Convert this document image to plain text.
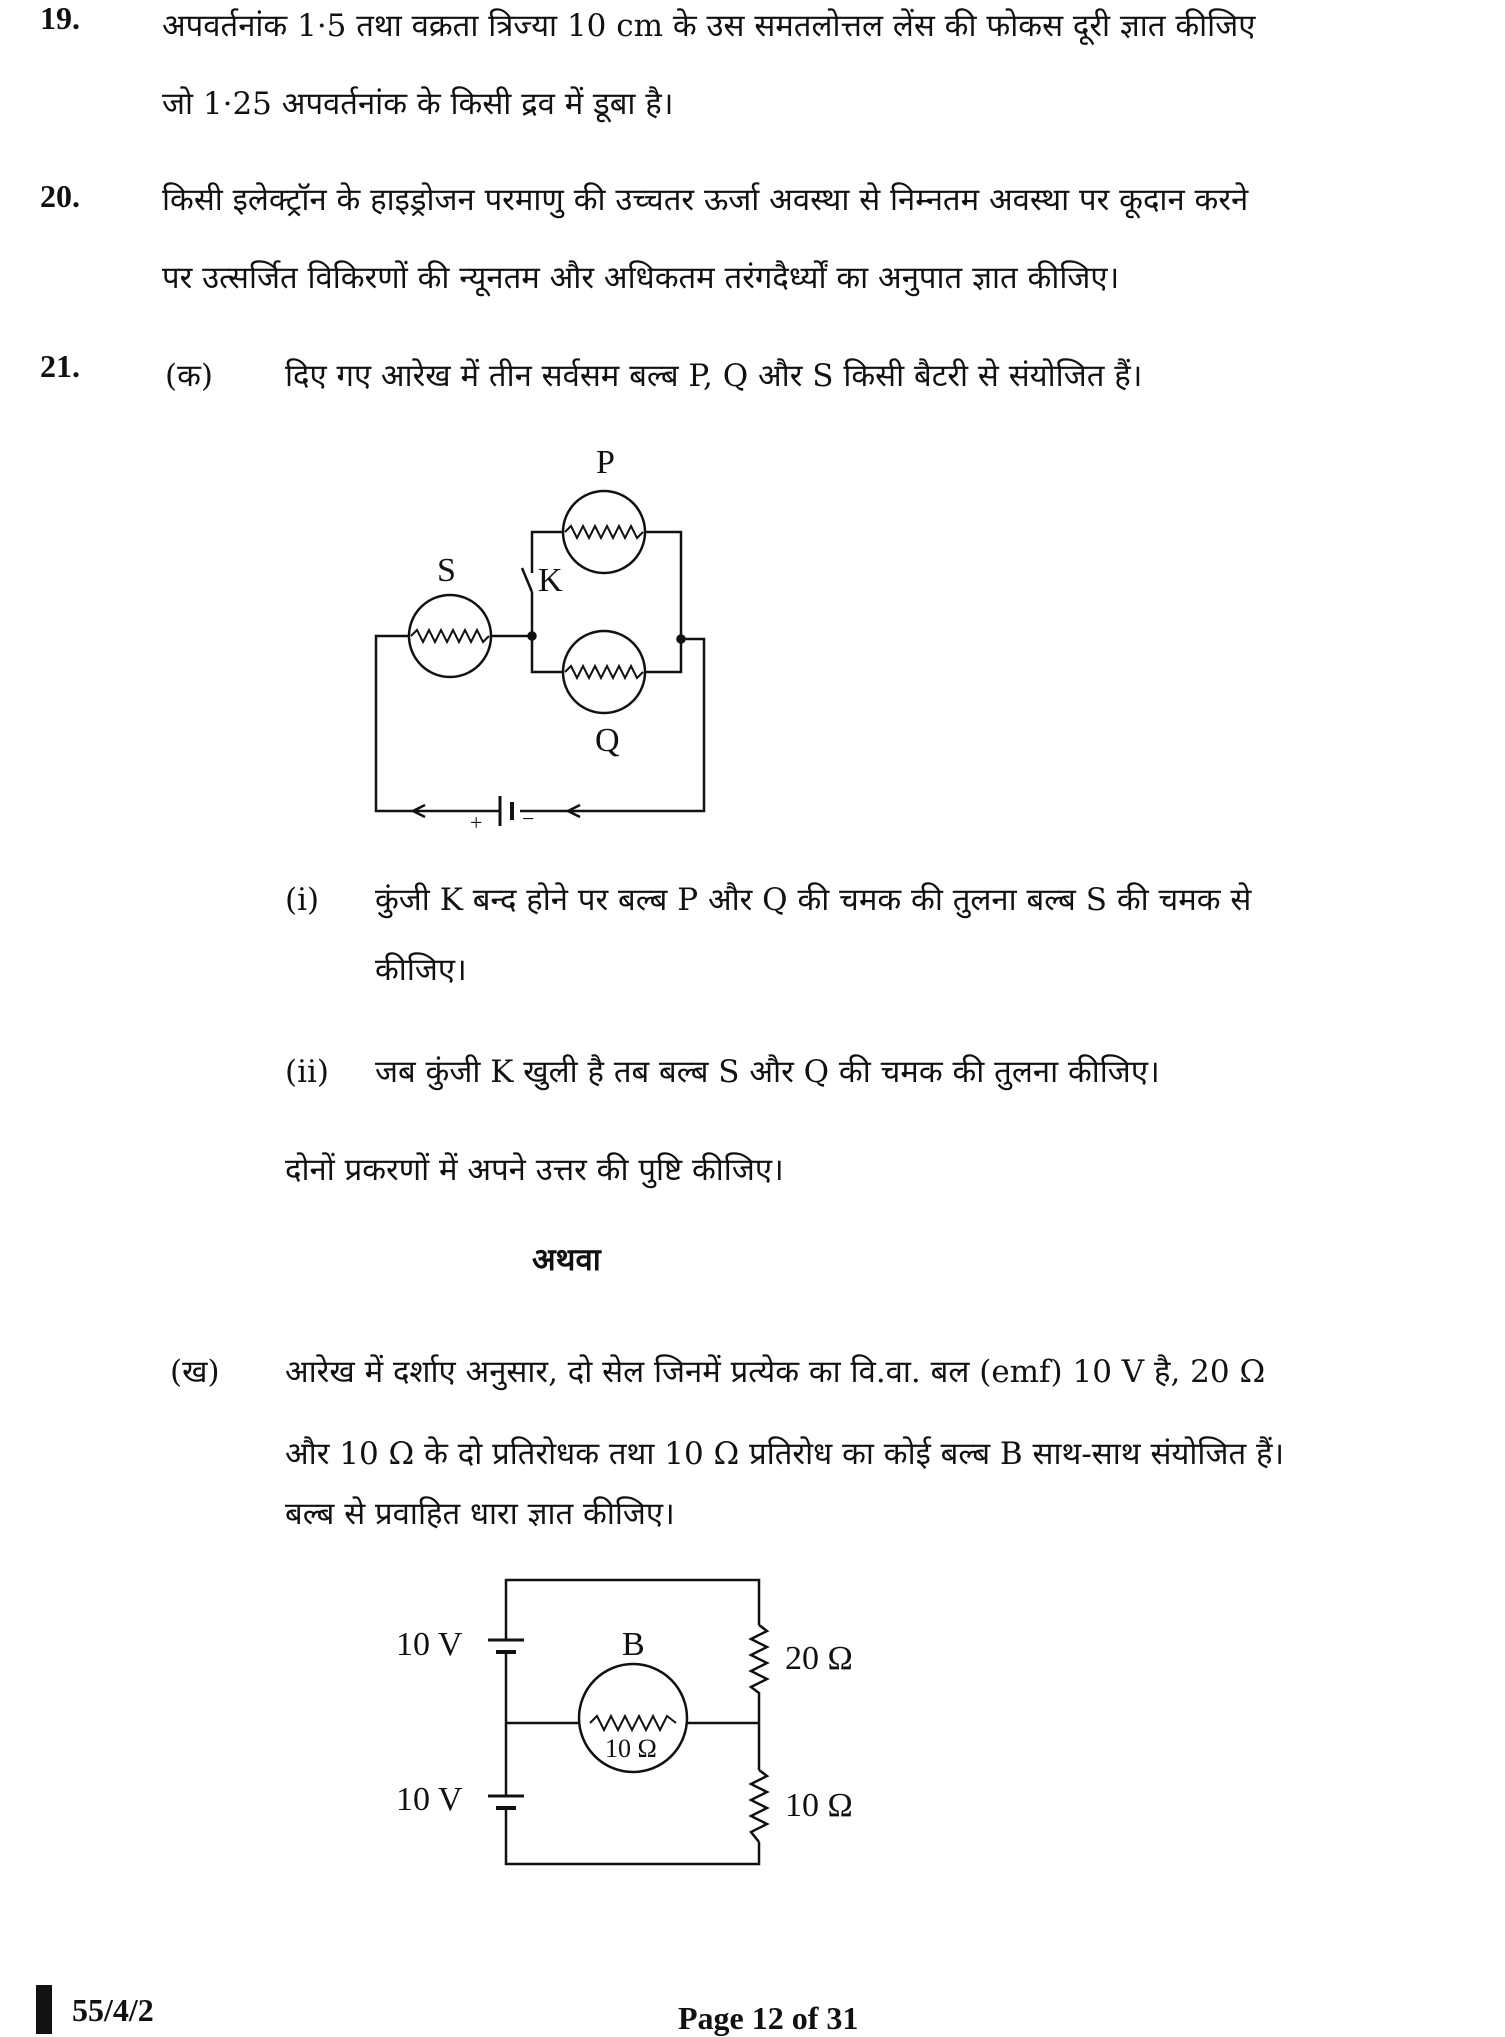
19.	अपवर्तनांक 1·5 तथा वक्रता त्रिज्या 10 cm के उस समतलोत्तल लेंस की फोकस दूरी ज्ञात कीजिए
जो 1·25 अपवर्तनांक के किसी द्रव में डूबा है।
20.	किसी इलेक्ट्रॉन के हाइड्रोजन परमाणु की उच्चतर ऊर्जा अवस्था से निम्नतम अवस्था पर कूदान करने
पर उत्सर्जित विकिरणों की न्यूनतम और अधिकतम तरंगदैर्ध्यों का अनुपात ज्ञात कीजिए।
21.	(क) दिए गए आरेख में तीन सर्वसम बल्ब P, Q और S किसी बैटरी से संयोजित हैं।
P
S K
Q
+ −
(i) कुंजी K बन्द होने पर बल्ब P और Q की चमक की तुलना बल्ब S की चमक से
कीजिए।
(ii) जब कुंजी K खुली है तब बल्ब S और Q की चमक की तुलना कीजिए।
दोनों प्रकरणों में अपने उत्तर की पुष्टि कीजिए।
अथवा
(ख) आरेख में दर्शाए अनुसार, दो सेल जिनमें प्रत्येक का वि.वा. बल (emf) 10 V है, 20 Ω
और 10 Ω के दो प्रतिरोधक तथा 10 Ω प्रतिरोध का कोई बल्ब B साथ-साथ संयोजित हैं।
बल्ब से प्रवाहित धारा ज्ञात कीजिए।
10 V
10 V
B
10 Ω
20 Ω
10 Ω
55/4/2	Page 12 of 31
